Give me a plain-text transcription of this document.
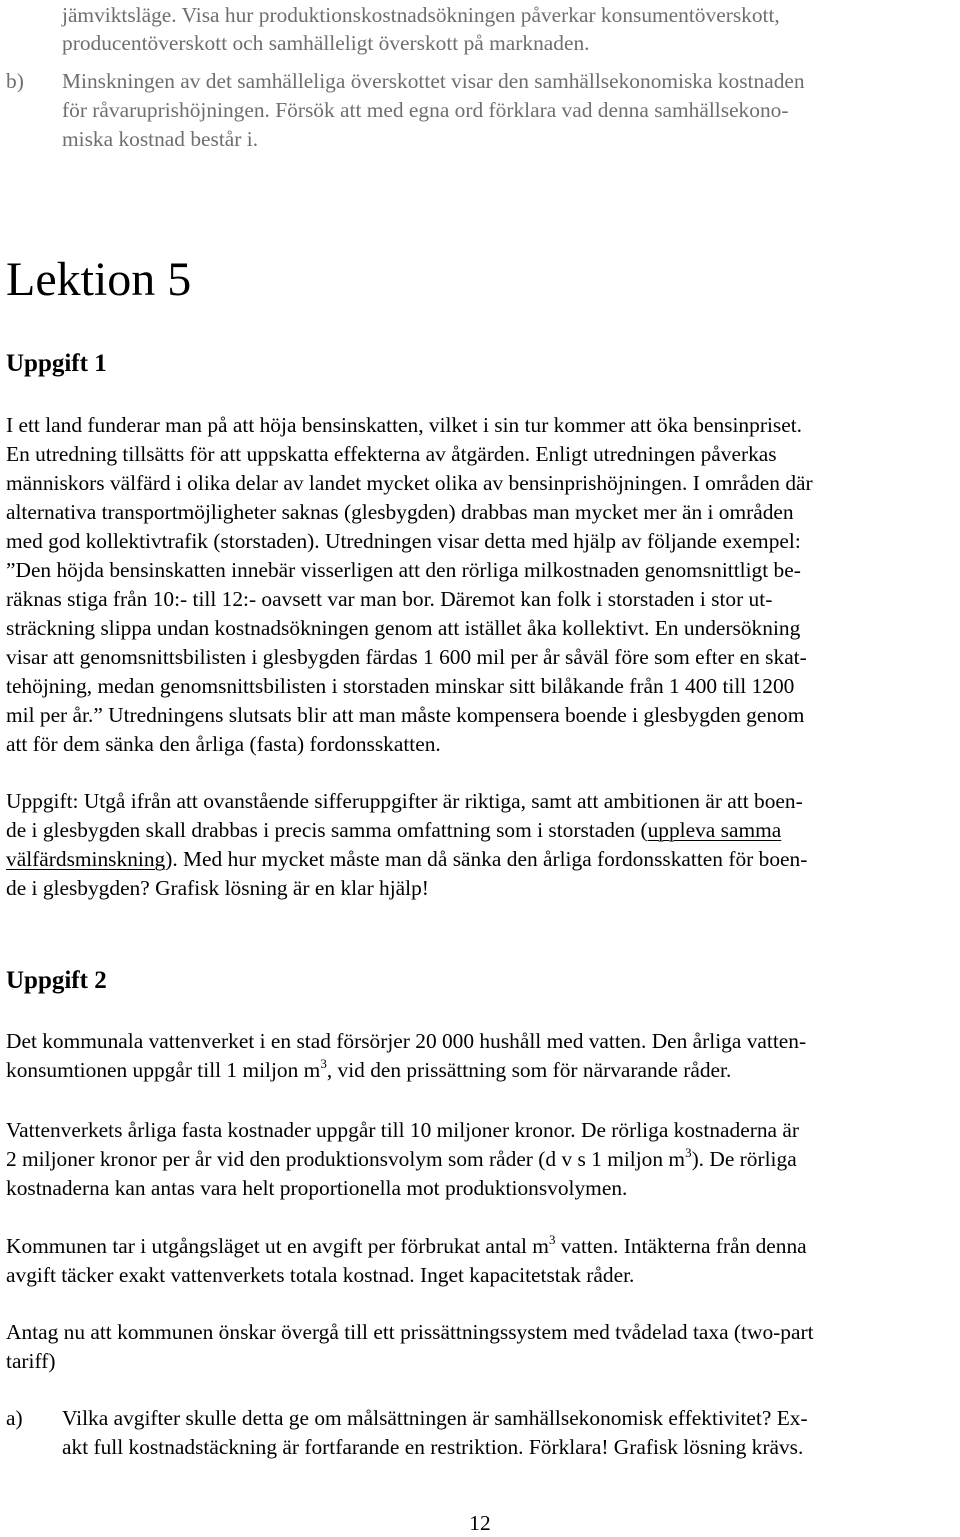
jämviktsläge. Visa hur produktionskostnadsökningen påverkar konsumentöverskott,
producentöverskott och samhälleligt överskott på marknaden.
b) Minskningen av det samhälleliga överskottet visar den samhällsekonomiska kostnaden
för råvaruprishöjningen. Försök att med egna ord förklara vad denna samhällsekono-
miska kostnad består i.
Lektion 5
Uppgift 1
I ett land funderar man på att höja bensinskatten, vilket i sin tur kommer att öka bensinpriset.
En utredning tillsätts för att uppskatta effekterna av åtgärden. Enligt utredningen påverkas
människors välfärd i olika delar av landet mycket olika av bensinprishöjningen. I områden där
alternativa transportmöjligheter saknas (glesbygden) drabbas man mycket mer än i områden
med god kollektivtrafik (storstaden). Utredningen visar detta med hjälp av följande exempel:
”Den höjda bensinskatten innebär visserligen att den rörliga milkostnaden genomsnittligt be-
räknas stiga från 10:- till 12:- oavsett var man bor. Däremot kan folk i storstaden i stor ut-
sträckning slippa undan kostnadsökningen genom att istället åka kollektivt. En undersökning
visar att genomsnittsbilisten i glesbygden färdas 1 600 mil per år såväl före som efter en skat-
tehöjning, medan genomsnittsbilisten i storstaden minskar sitt bilåkande från 1 400 till 1200
mil per år.” Utredningens slutsats blir att man måste kompensera boende i glesbygden genom
att för dem sänka den årliga (fasta) fordonsskatten.
Uppgift: Utgå ifrån att ovanstående sifferuppgifter är riktiga, samt att ambitionen är att boen-
de i glesbygden skall drabbas i precis samma omfattning som i storstaden (uppleva samma
välfärdsminskning). Med hur mycket måste man då sänka den årliga fordonsskatten för boen-
de i glesbygden? Grafisk lösning är en klar hjälp!
Uppgift 2
Det kommunala vattenverket i en stad försörjer 20 000 hushåll med vatten. Den årliga vatten-
konsumtionen uppgår till 1 miljon $m^3$, vid den prissättning som för närvarande råder.
Vattenverkets årliga fasta kostnader uppgår till 10 miljoner kronor. De rörliga kostnaderna är
2 miljoner kronor per år vid den produktionsvolym som råder (d v s 1 miljon $m^3$). De rörliga
kostnaderna kan antas vara helt proportionella mot produktionsvolymen.
Kommunen tar i utgångsläget ut en avgift per förbrukat antal $m^3$ vatten. Intäkterna från denna
avgift täcker exakt vattenverkets totala kostnad. Inget kapacitetstak råder.
Antag nu att kommunen önskar övergå till ett prissättningssystem med tvådelad taxa (two-part
tariff)
a) Vilka avgifter skulle detta ge om målsättningen är samhällsekonomisk effektivitet? Ex-
akt full kostnadstäckning är fortfarande en restriktion. Förklara! Grafisk lösning krävs.
12
